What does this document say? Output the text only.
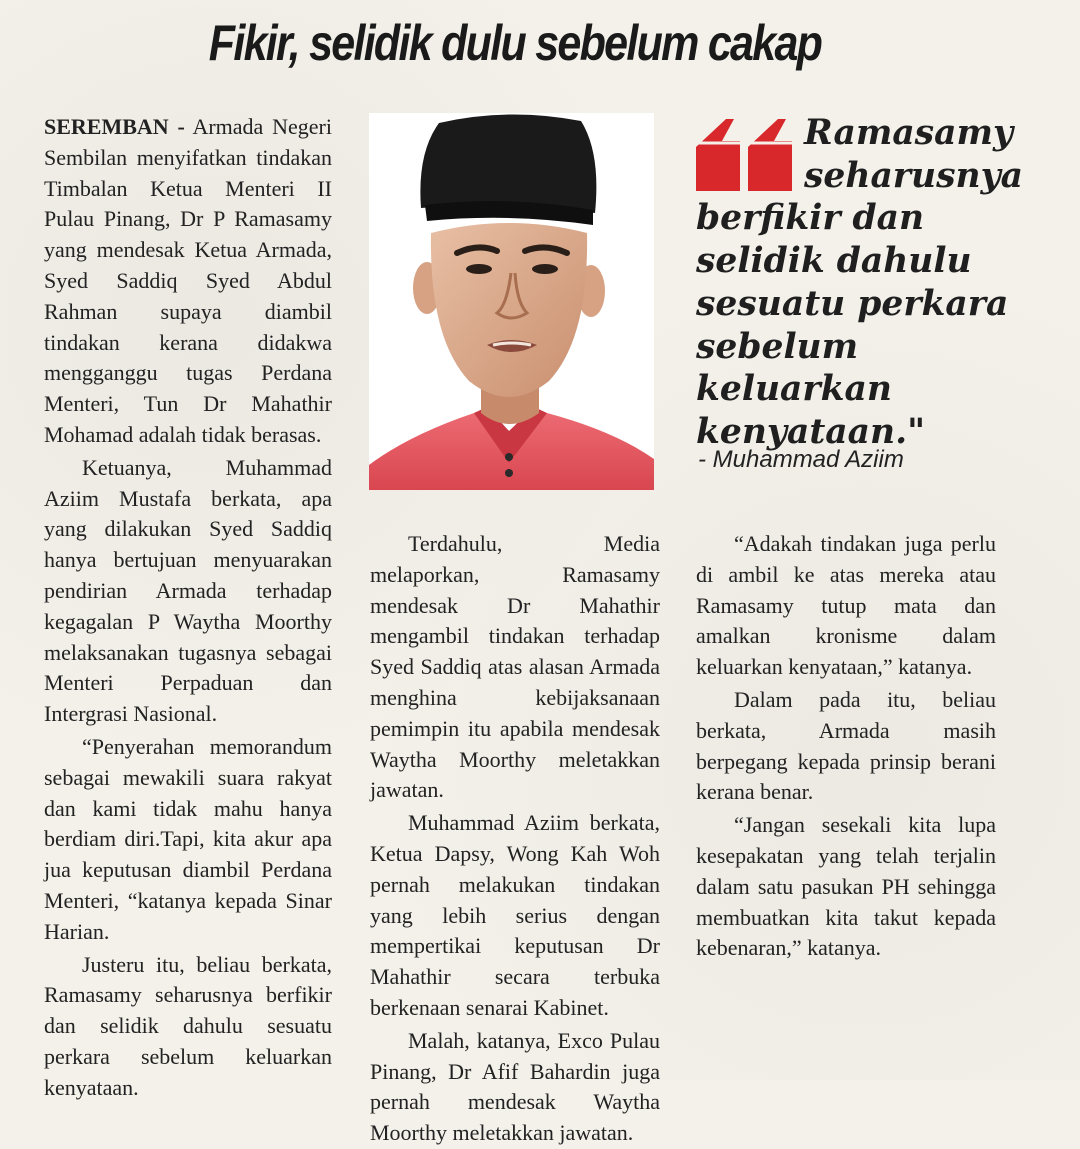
Fikir, selidik dulu sebelum cakap

SEREMBAN - Armada Negeri Sembilan menyifatkan tindakan Timbalan Ketua Menteri II Pulau Pinang, Dr P Ramasamy yang mendesak Ketua Armada, Syed Saddiq Syed Abdul Rahman supaya diambil tindakan kerana didakwa mengganggu tugas Perdana Menteri, Tun Dr Mahathir Mohamad adalah tidak berasas.

Ketuanya, Muhammad Aziim Mustafa berkata, apa yang dilakukan Syed Saddiq hanya bertujuan menyuarakan pendirian Armada terhadap kegagalan P Waytha Moorthy melaksanakan tugasnya sebagai Menteri Perpaduan dan Intergrasi Nasional.

“Penyerahan memorandum sebagai mewakili suara rakyat dan kami tidak mahu hanya berdiam diri.Tapi, kita akur apa jua keputusan diambil Perdana Menteri, “katanya kepada Sinar Harian.

Justeru itu, beliau berkata, Ramasamy seharusnya berfikir dan selidik dahulu sesuatu perkara sebelum keluarkan kenyataan.

Ramasamy
seharusnya
berfikir dan
selidik dahulu
sesuatu perkara
sebelum
keluarkan
kenyataan."
- Muhammad Aziim

Terdahulu, Media melaporkan, Ramasamy mendesak Dr Mahathir mengambil tindakan terhadap Syed Saddiq atas alasan Armada menghina kebijaksanaan pemimpin itu apabila mendesak Waytha Moorthy meletakkan jawatan.

Muhammad Aziim berkata, Ketua Dapsy, Wong Kah Woh pernah melakukan tindakan yang lebih serius dengan mempertikai keputusan Dr Mahathir secara terbuka berkenaan senarai Kabinet.

Malah, katanya, Exco Pulau Pinang, Dr Afif Bahardin juga pernah mendesak Waytha Moorthy meletakkan jawatan.

“Adakah tindakan juga perlu di ambil ke atas mereka atau Ramasamy tutup mata dan amalkan kronisme dalam keluarkan kenyataan,” katanya.

Dalam pada itu, beliau berkata, Armada masih berpegang kepada prinsip berani kerana benar.

“Jangan sesekali kita lupa kesepakatan yang telah terjalin dalam satu pasukan PH sehingga membuatkan kita takut kepada kebenaran,” katanya.
